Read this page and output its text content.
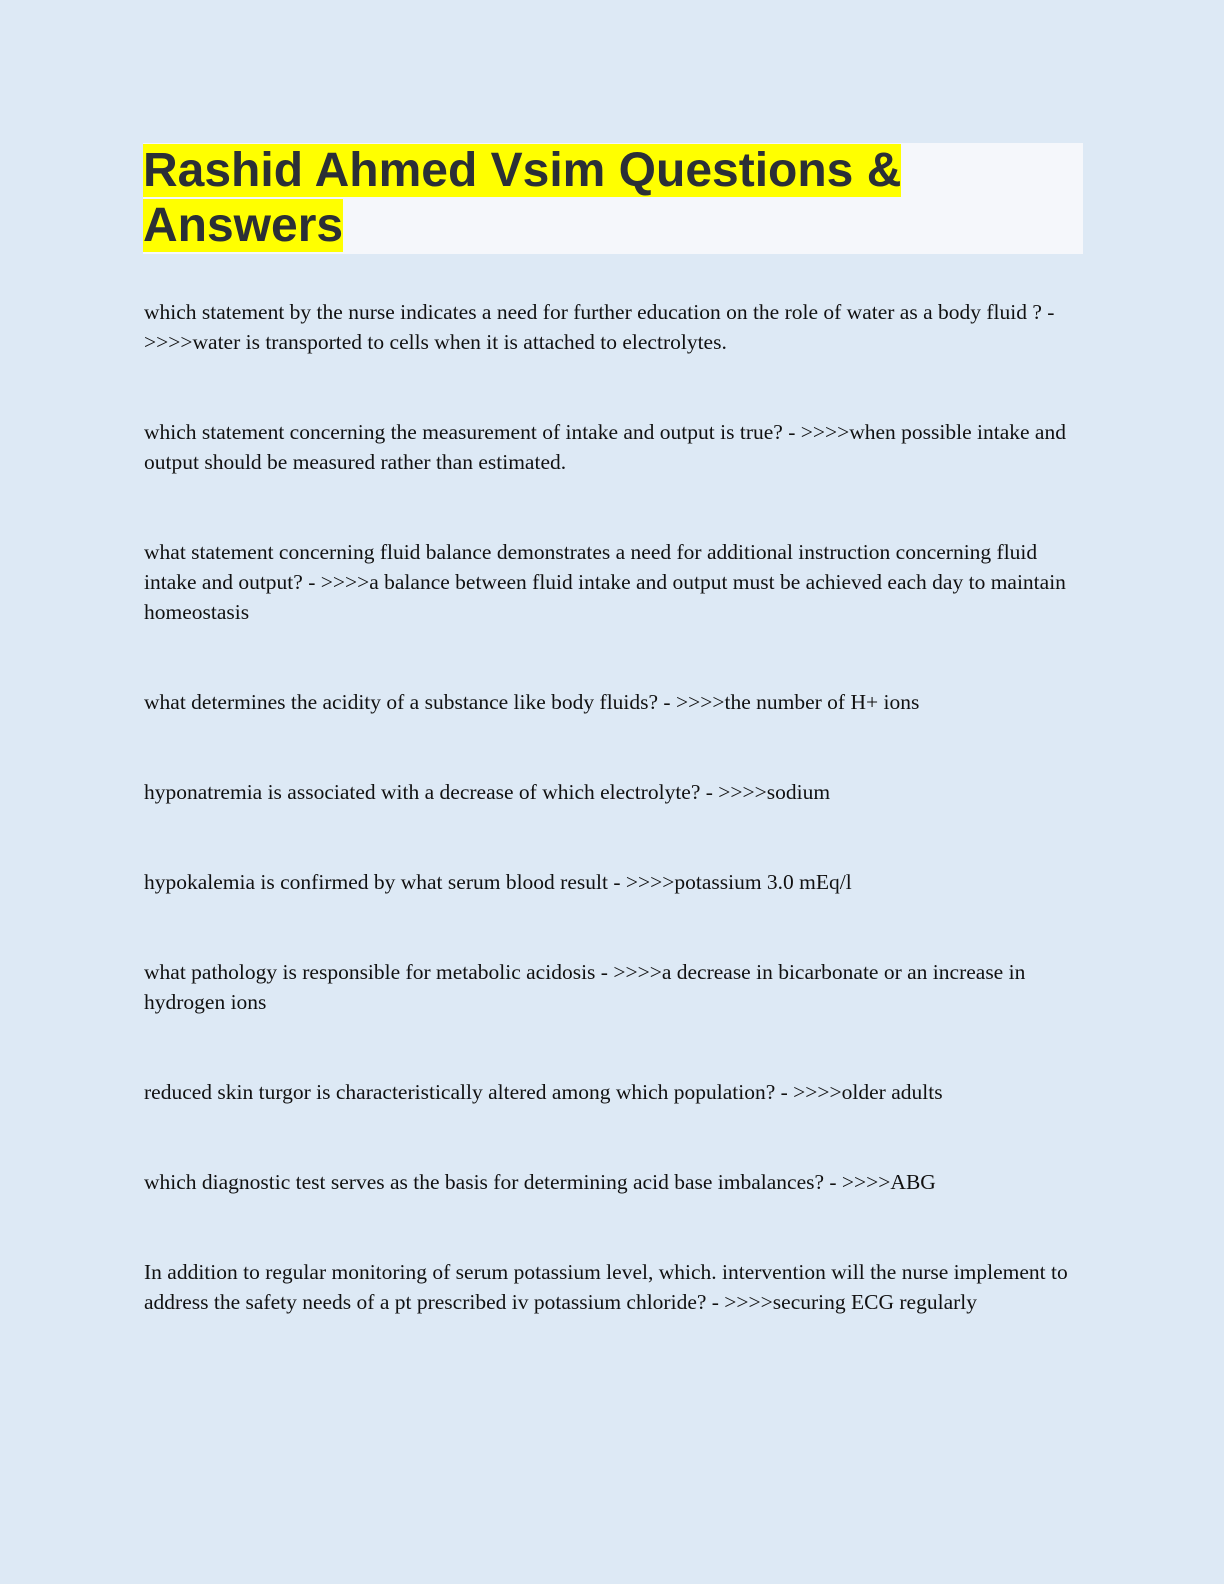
Rashid Ahmed Vsim Questions & Answers

which statement by the nurse indicates a need for further education on the role of water as a body fluid ? - >>>>water is transported to cells when it is attached to electrolytes.

which statement concerning the measurement of intake and output is true? - >>>>when possible intake and output should be measured rather than estimated.

what statement concerning fluid balance demonstrates a need for additional instruction concerning fluid intake and output? - >>>>a balance between fluid intake and output must be achieved each day to maintain homeostasis

what determines the acidity of a substance like body fluids? - >>>>the number of H+ ions

hyponatremia is associated with a decrease of which electrolyte? - >>>>sodium

hypokalemia is confirmed by what serum blood result - >>>>potassium 3.0 mEq/l

what pathology is responsible for metabolic acidosis - >>>>a decrease in bicarbonate or an increase in hydrogen ions

reduced skin turgor is characteristically altered among which population? - >>>>older adults

which diagnostic test serves as the basis for determining acid base imbalances? - >>>>ABG

In addition to regular monitoring of serum potassium level, which. intervention will the nurse implement to address the safety needs of a pt prescribed iv potassium chloride? - >>>>securing ECG regularly
